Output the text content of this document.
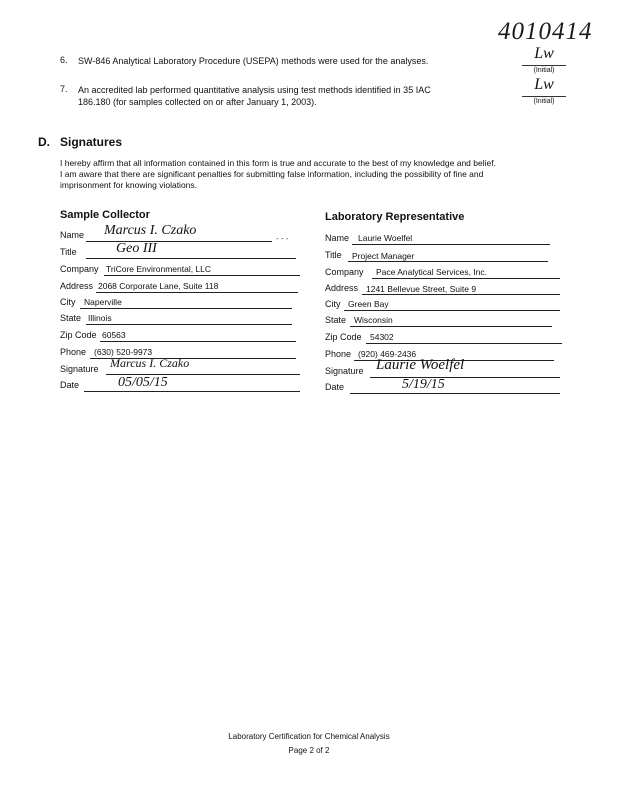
4010414
6. SW-846 Analytical Laboratory Procedure (USEPA) methods were used for the analyses.	Lw
(Initial)
7. An accredited lab performed quantitative analysis using test methods identified in 35 IAC
186.180 (for samples collected on or after January 1, 2003).
Lw
(Initial)
D. Signatures
I hereby affirm that all information contained in this form is true and accurate to the best of my knowledge and belief.
I am aware that there are significant penalties for submitting false information, including the possibility of fine and
imprisonment for knowing violations.
Sample Collector
Name Marcus I. Czako
- - -
Title	Geo III
Company TriCore Environmental, LLC
Address 2068 Corporate Lane, Suite 118
City Naperville
State Illinois
Zip Code 60563
Phone (630) 520-9973
Signature Marcus I. Czako
Date	05/05/15
Laboratory Representative
Name Laurie Woelfel
Title Project Manager
Company Pace Analytical Services, Inc.
Address 1241 Bellevue Street, Suite 9
City Green Bay
State Wisconsin
Zip Code 54302
Phone (920) 469-2436
Signature Laurie Woelfel
Date	5/19/15
Laboratory Certification for Chemical Analysis
Page 2 of 2
